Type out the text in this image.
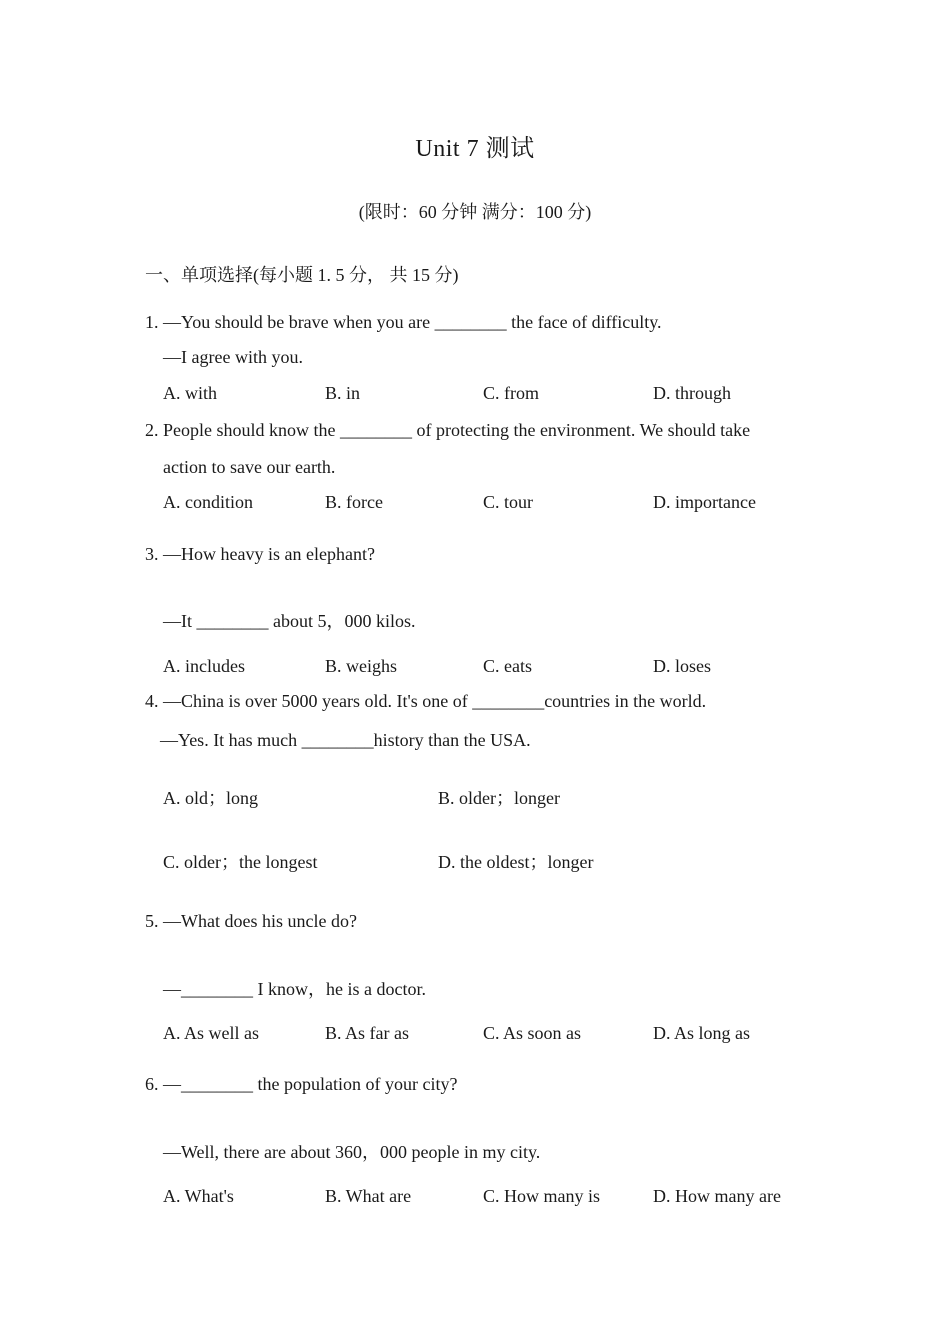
Unit 7 测试
(限时：60 分钟 满分：100 分)
一、单项选择(每小题 1. 5 分， 共 15 分)
1. —You should be brave when you are ________ the face of difficulty.
—I agree with you.
A. with	B. in	C. from	D. through
2. People should know the ________ of protecting the environment. We should take
action to save our earth.
A. condition	B. force	C. tour	D. importance
3. —How heavy is an elephant?
—It ________ about 5，000 kilos.
A. includes	B. weighs	C. eats	D. loses
4. —China is over 5000 years old. It's one of ________countries in the world.
—Yes. It has much ________history than the USA.
A. old；long	B. older；longer
C. older；the longest	D. the oldest；longer
5. —What does his uncle do?
—________ I know，he is a doctor.
A. As well as	B. As far as	C. As soon as	D. As long as
6. —________ the population of your city?
—Well, there are about 360，000 people in my city.
A. What's	B. What are	C. How many is	D. How many are
